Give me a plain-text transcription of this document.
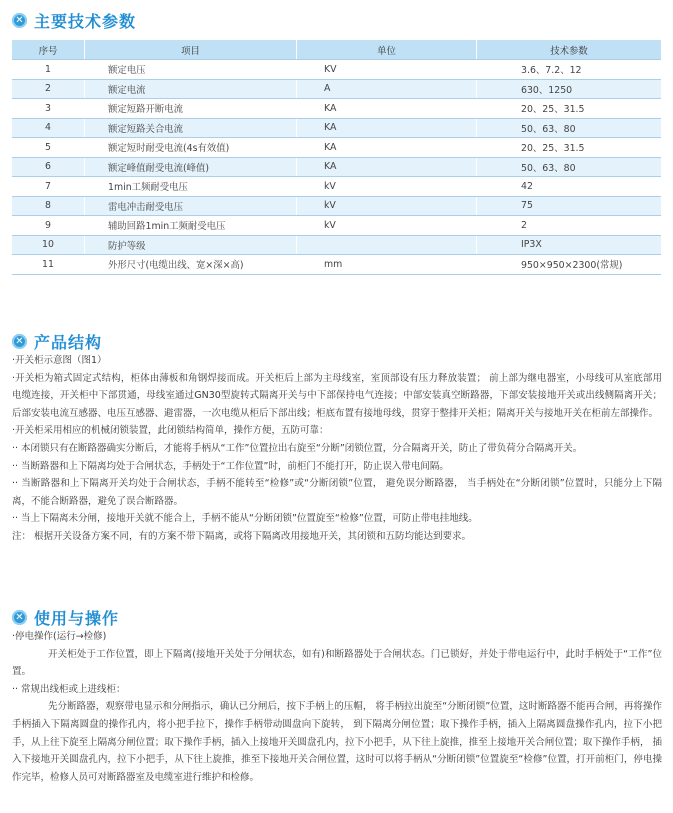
✕ 主要技术参数
序号	项目	单位	技术参数
1	额定电压	KV	3.6、7.2、12
2	额定电流	A	630、1250
3	额定短路开断电流	KA	20、25、31.5
4	额定短路关合电流	KA	50、63、80
5	额定短时耐受电流(4s有效值)	KA	20、25、31.5
6	额定峰值耐受电流(峰值)	KA	50、63、80
7	1min工频耐受电压	kV	42
8	雷电冲击耐受电压	kV	75
9	辅助回路1min工频耐受电压	kV	2
10	防护等级		IP3X
11	外形尺寸(电缆出线、宽×深×高)	mm	950×950×2300(常规)
✕ 产品结构

·开关柜示意图（图1）

·开关柜为箱式固定式结构，柜体由薄板和角钢焊接而成。开关柜后上部为主母线室，室顶部设有压力释放装置； 前上部为继电器室，小母线可从室底部用电缆连接，开关柜中下部贯通，母线室通过GN30型旋转式隔离开关与中下部保持电气连接；中部安装真空断路器，下部安装接地开关或出线侧隔离开关；后部安装电流互感器、电压互感器、避雷器，一次电缆从柜后下部出线；柜底布置有接地母线，贯穿于整排开关柜；隔离开关与接地开关在柜前左部操作。

·开关柜采用相应的机械闭锁装置，此闭锁结构简单，操作方便，五防可靠：

·· 本闭锁只有在断路器确实分断后，才能将手柄从“工作”位置拉出右旋至“分断”闭锁位置，分合隔离开关，防止了带负荷分合隔离开关。

·· 当断路器和上下隔离均处于合闸状态，手柄处于“工作位置”时，前柜门不能打开，防止误入带电间隔。

·· 当断路器和上下隔离开关均处于合闸状态，手柄不能转至“检修”或“分断闭锁”位置， 避免误分断路器， 当手柄处在“分断闭锁”位置时，只能分上下隔离，不能合断路器，避免了误合断路器。

·· 当上下隔离未分闸，接地开关就不能合上，手柄不能从“分断闭锁”位置旋至“检修”位置，可防止带电挂地线。

注： 根据开关设备方案不同，有的方案不带下隔离，或将下隔离改用接地开关，其闭锁和五防均能达到要求。

✕ 使用与操作

·停电操作(运行→检修)

开关柜处于工作位置，即上下隔离(接地开关处于分闸状态，如有)和断路器处于合闸状态。门已锁好，并处于带电运行中，此时手柄处于“工作”位置。

·· 常规出线柜或上进线柜：

先分断路器，观察带电显示和分闸指示，确认已分闸后，按下手柄上的压帽， 将手柄拉出旋至“分断闭锁”位置，这时断路器不能再合闸，再将操作手柄插入下隔离圆盘的操作孔内，将小把手拉下，操作手柄带动圆盘向下旋转， 到下隔离分闸位置；取下操作手柄，插入上隔离圆盘操作孔内，拉下小把手，从上往下旋至上隔离分闸位置；取下操作手柄，插入上接地开关圆盘孔内，拉下小把手，从下往上旋推，推至上接地开关合闸位置；取下操作手柄， 插入下接地开关圆盘孔内，拉下小把手，从下往上旋推，推至下接地开关合闸位置，这时可以将手柄从“分断闭锁”位置旋至“检修”位置，打开前柜门，停电操作完毕，检修人员可对断路器室及电缆室进行维护和检修。
